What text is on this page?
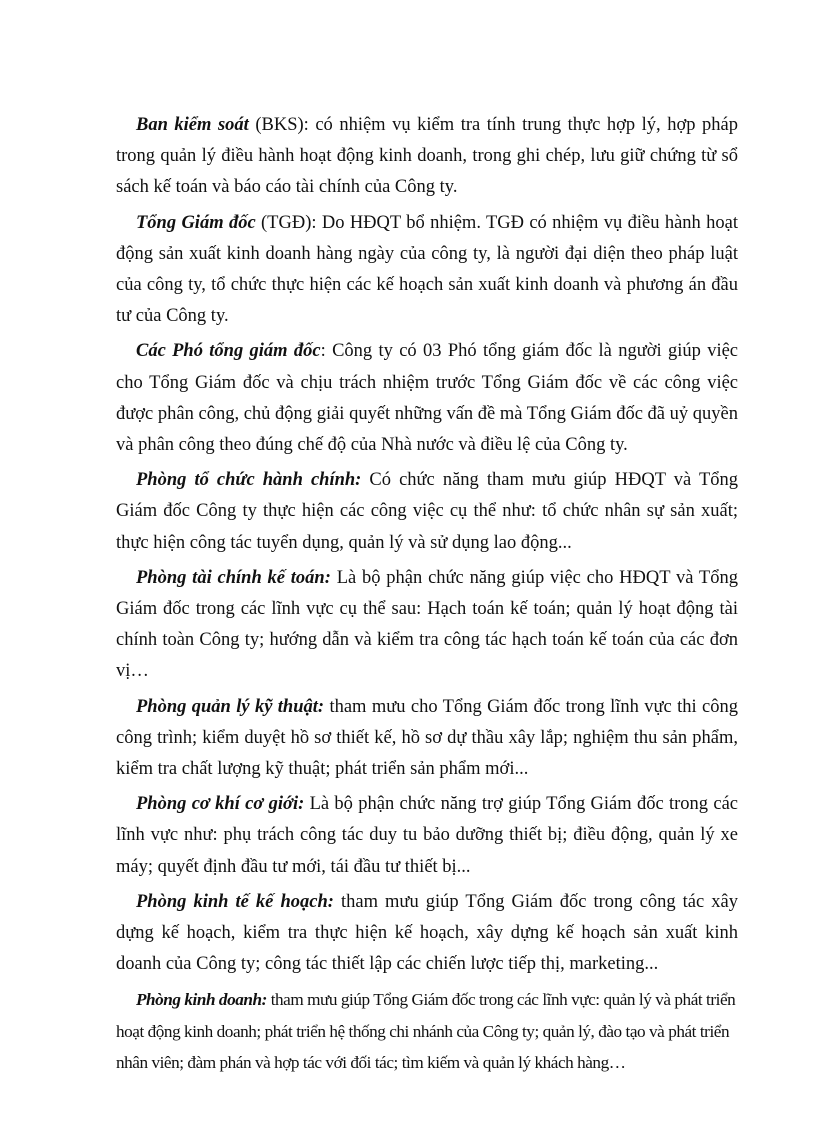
Ban kiểm soát (BKS): có nhiệm vụ kiểm tra tính trung thực hợp lý, hợp pháp trong quản lý điều hành hoạt động kinh doanh, trong ghi chép, lưu giữ chứng từ sổ sách kế toán và báo cáo tài chính của Công ty.

Tổng Giám đốc (TGĐ): Do HĐQT bổ nhiệm. TGĐ có nhiệm vụ điều hành hoạt động sản xuất kinh doanh hàng ngày của công ty, là người đại diện theo pháp luật của công ty, tổ chức thực hiện các kế hoạch sản xuất kinh doanh và phương án đầu tư của Công ty.

Các Phó tổng giám đốc: Công ty có 03 Phó tổng giám đốc là người giúp việc cho Tổng Giám đốc và chịu trách nhiệm trước Tổng Giám đốc về các công việc được phân công, chủ động giải quyết những vấn đề mà Tổng Giám đốc đã uỷ quyền và phân công theo đúng chế độ của Nhà nước và điều lệ của Công ty.

Phòng tổ chức hành chính: Có chức năng tham mưu giúp HĐQT và Tổng Giám đốc Công ty thực hiện các công việc cụ thể như: tổ chức nhân sự sản xuất; thực hiện công tác tuyển dụng, quản lý và sử dụng lao động...

Phòng tài chính kế toán: Là bộ phận chức năng giúp việc cho HĐQT và Tổng Giám đốc trong các lĩnh vực cụ thể sau: Hạch toán kế toán; quản lý hoạt động tài chính toàn Công ty; hướng dẫn và kiểm tra công tác hạch toán kế toán của các đơn vị…

Phòng quản lý kỹ thuật: tham mưu cho Tổng Giám đốc trong lĩnh vực thi công công trình; kiểm duyệt hồ sơ thiết kế, hồ sơ dự thầu xây lắp; nghiệm thu sản phẩm, kiểm tra chất lượng kỹ thuật; phát triển sản phẩm mới...

Phòng cơ khí cơ giới: Là bộ phận chức năng trợ giúp Tổng Giám đốc trong các lĩnh vực như: phụ trách công tác duy tu bảo dưỡng thiết bị; điều động, quản lý xe máy; quyết định đầu tư mới, tái đầu tư thiết bị...

Phòng kinh tế kế hoạch: tham mưu giúp Tổng Giám đốc trong công tác xây dựng kế hoạch, kiểm tra thực hiện kế hoạch, xây dựng kế hoạch sản xuất kinh doanh của Công ty; công tác thiết lập các chiến lược tiếp thị, marketing...

Phòng kinh doanh: tham mưu giúp Tổng Giám đốc trong các lĩnh vực: quản lý và phát triển hoạt động kinh doanh; phát triển hệ thống chi nhánh của Công ty; quản lý, đào tạo và phát triển nhân viên; đàm phán và hợp tác với đối tác; tìm kiếm và quản lý khách hàng…
